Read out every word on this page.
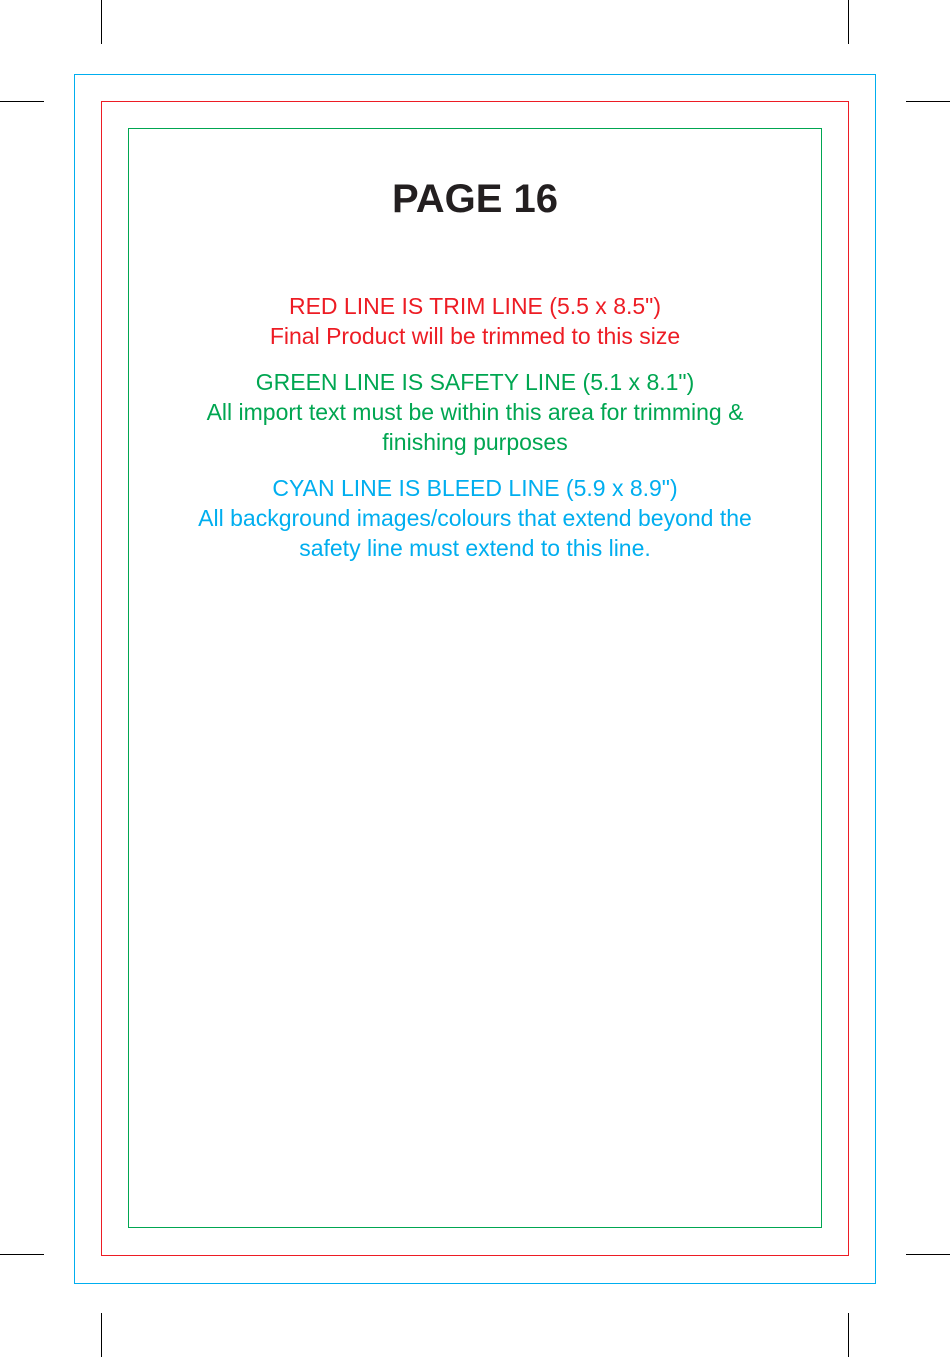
PAGE 16

RED LINE IS TRIM LINE (5.5 x 8.5")

Final Product will be trimmed to this size

GREEN LINE IS SAFETY LINE (5.1 x 8.1")

All import text must be within this area for trimming &

finishing purposes

CYAN LINE IS BLEED LINE (5.9 x 8.9")

All background images/colours that extend beyond the

safety line must extend to this line.
